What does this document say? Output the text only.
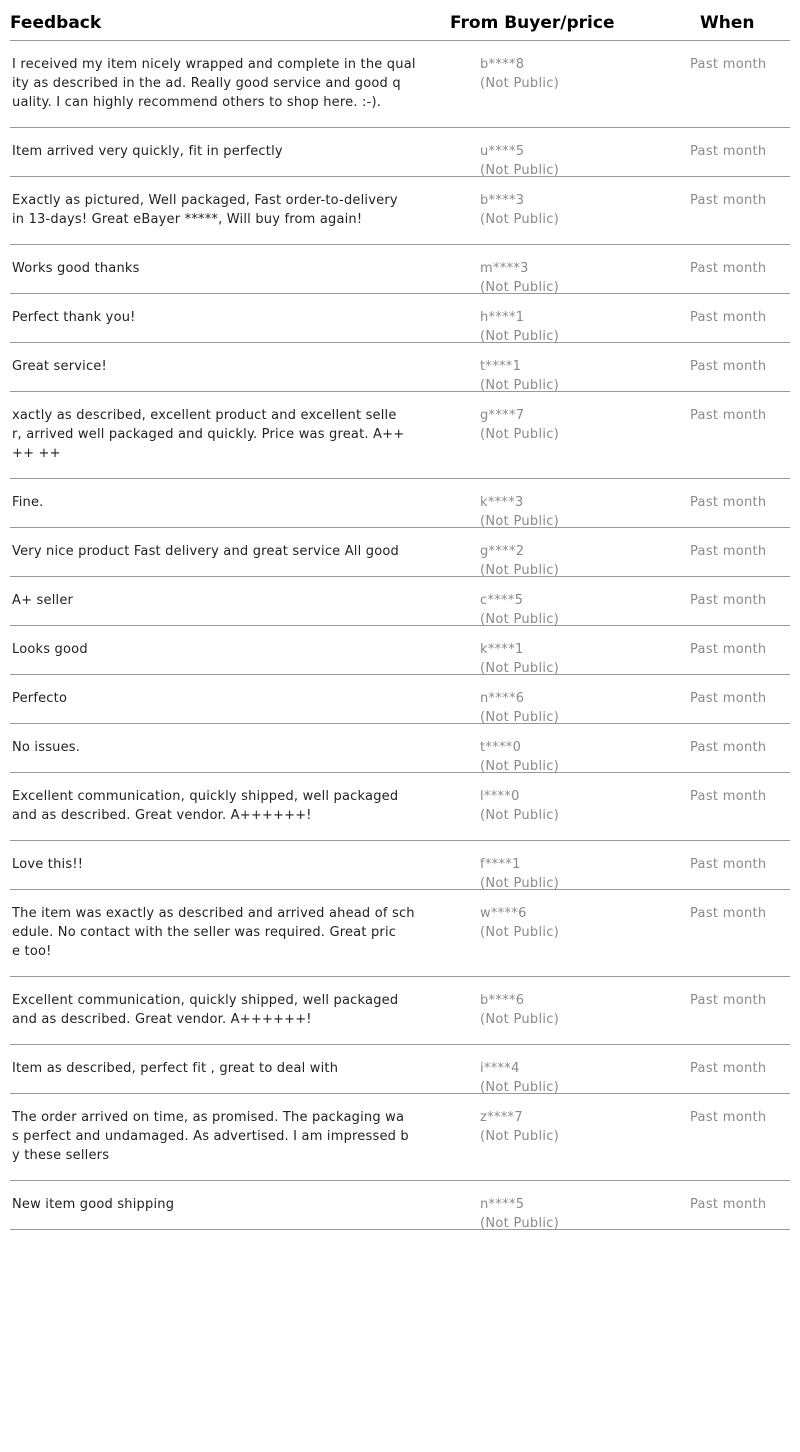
Feedback	From Buyer/price	When
I received my item nicely wrapped and complete in the qual
ity as described in the ad. Really good service and good q
uality. I can highly recommend others to shop here. :-).
b****8
(Not Public)
Past month
Item arrived very quickly, fit in perfectly	u****5
(Not Public)
Past month
Exactly as pictured, Well packaged, Fast order-to-delivery
in 13-days! Great eBayer *****, Will buy from again!
b****3
(Not Public)
Past month
Works good thanks	m****3
(Not Public)
Past month
Perfect thank you!	h****1
(Not Public)
Past month
Great service!	t****1
(Not Public)
Past month
xactly as described, excellent product and excellent selle
r, arrived well packaged and quickly. Price was great. A++
++ ++
g****7
(Not Public)
Past month
Fine.	k****3
(Not Public)
Past month
Very nice product Fast delivery and great service All good	g****2
(Not Public)
Past month
A+ seller	c****5
(Not Public)
Past month
Looks good	k****1
(Not Public)
Past month
Perfecto	n****6
(Not Public)
Past month
No issues.	t****0
(Not Public)
Past month
Excellent communication, quickly shipped, well packaged
and as described. Great vendor. A++++++!
l****0
(Not Public)
Past month
Love this!!	f****1
(Not Public)
Past month
The item was exactly as described and arrived ahead of sch
edule. No contact with the seller was required. Great pric
e too!
w****6
(Not Public)
Past month
Excellent communication, quickly shipped, well packaged
and as described. Great vendor. A++++++!
b****6
(Not Public)
Past month
Item as described, perfect fit , great to deal with	i****4
(Not Public)
Past month
The order arrived on time, as promised. The packaging wa
s perfect and undamaged. As advertised. I am impressed b
y these sellers
z****7
(Not Public)
Past month
New item good shipping	n****5
(Not Public)
Past month
